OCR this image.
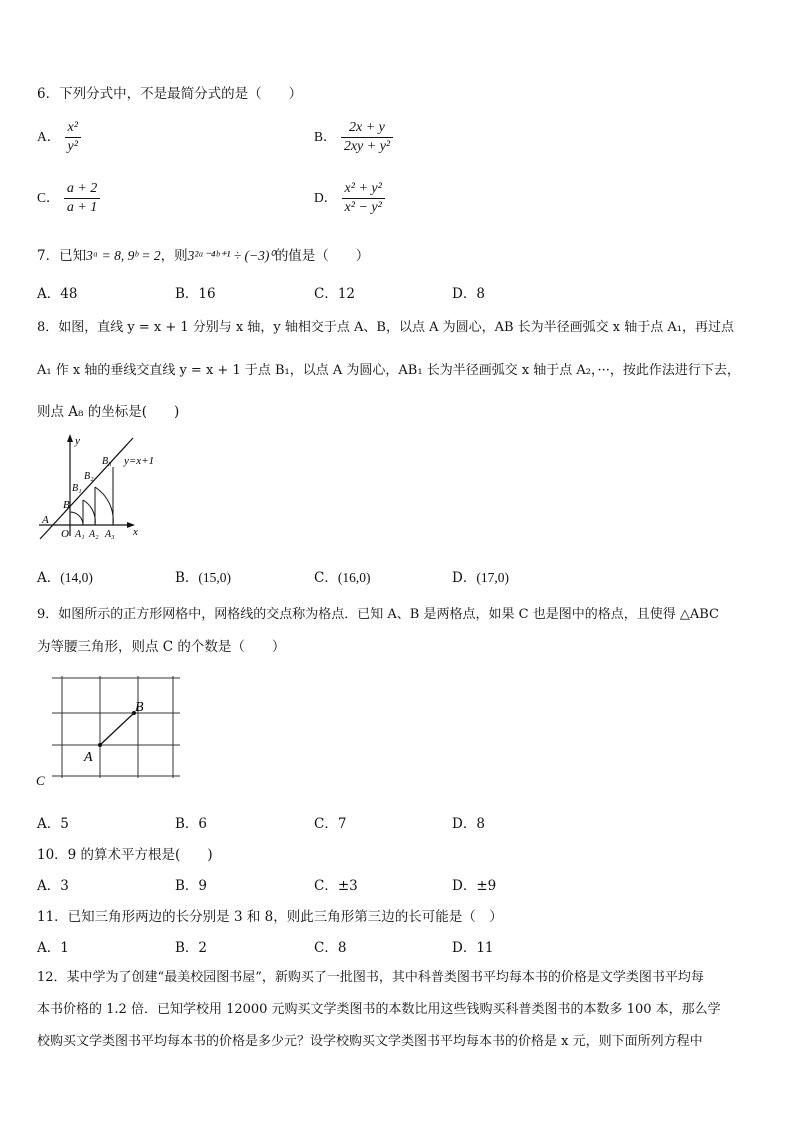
6．下列分式中，不是最简分式的是（　　）
A． $\frac{\text{x²}}{\text{y²}}$	B． $\frac{2x + y}{\text{2xy + y²}}$
C． $\frac{a + 2}{a + 1}$	D． $\frac{\text{x² + y²}}{\text{x² − y²}}$
7．已知3ᵃ = 8, 9ᵇ = 2，则3²ᵃ⁻⁴ᵇ⁺¹ ÷ (−3)⁰的值是（　　）
A．48	B．16	C．12	D．8
8．如图，直线 y = x + 1 分别与 x 轴，y 轴相交于点 A、B，以点 A 为圆心，AB 长为半径画弧交 x 轴于点 A₁，再过点
A₁ 作 x 轴的垂线交直线 y = x + 1 于点 B₁，以点 A 为圆心，AB₁ 长为半径画弧交 x 轴于点 A₂，···，按此作法进行下去，
则点 A₈ 的坐标是(　　)
y
x
y=x+1
A
O A₁ A₂ A₃
B
B₁
B₂
B₃
A．(14,0)	B．(15,0)	C．(16,0)	D．(17,0)
9．如图所示的正方形网格中，网格线的交点称为格点．已知 A、B 是两格点，如果 C 也是图中的格点，且使得 △ABC
为等腰三角形，则点 C 的个数是（　　）
A
B
C
A．5	B．6	C．7	D．8
10．9 的算术平方根是(　　)
A．3	B．9	C．±3	D．±9
11．已知三角形两边的长分别是 3 和 8，则此三角形第三边的长可能是（　）
A．1	B．2	C．8	D．11
12．某中学为了创建“最美校园图书屋”，新购买了一批图书，其中科普类图书平均每本书的价格是文学类图书平均每
本书价格的 1.2 倍．已知学校用 12000 元购买文学类图书的本数比用这些钱购买科普类图书的本数多 100 本，那么学
校购买文学类图书平均每本书的价格是多少元？设学校购买文学类图书平均每本书的价格是 x 元，则下面所列方程中
